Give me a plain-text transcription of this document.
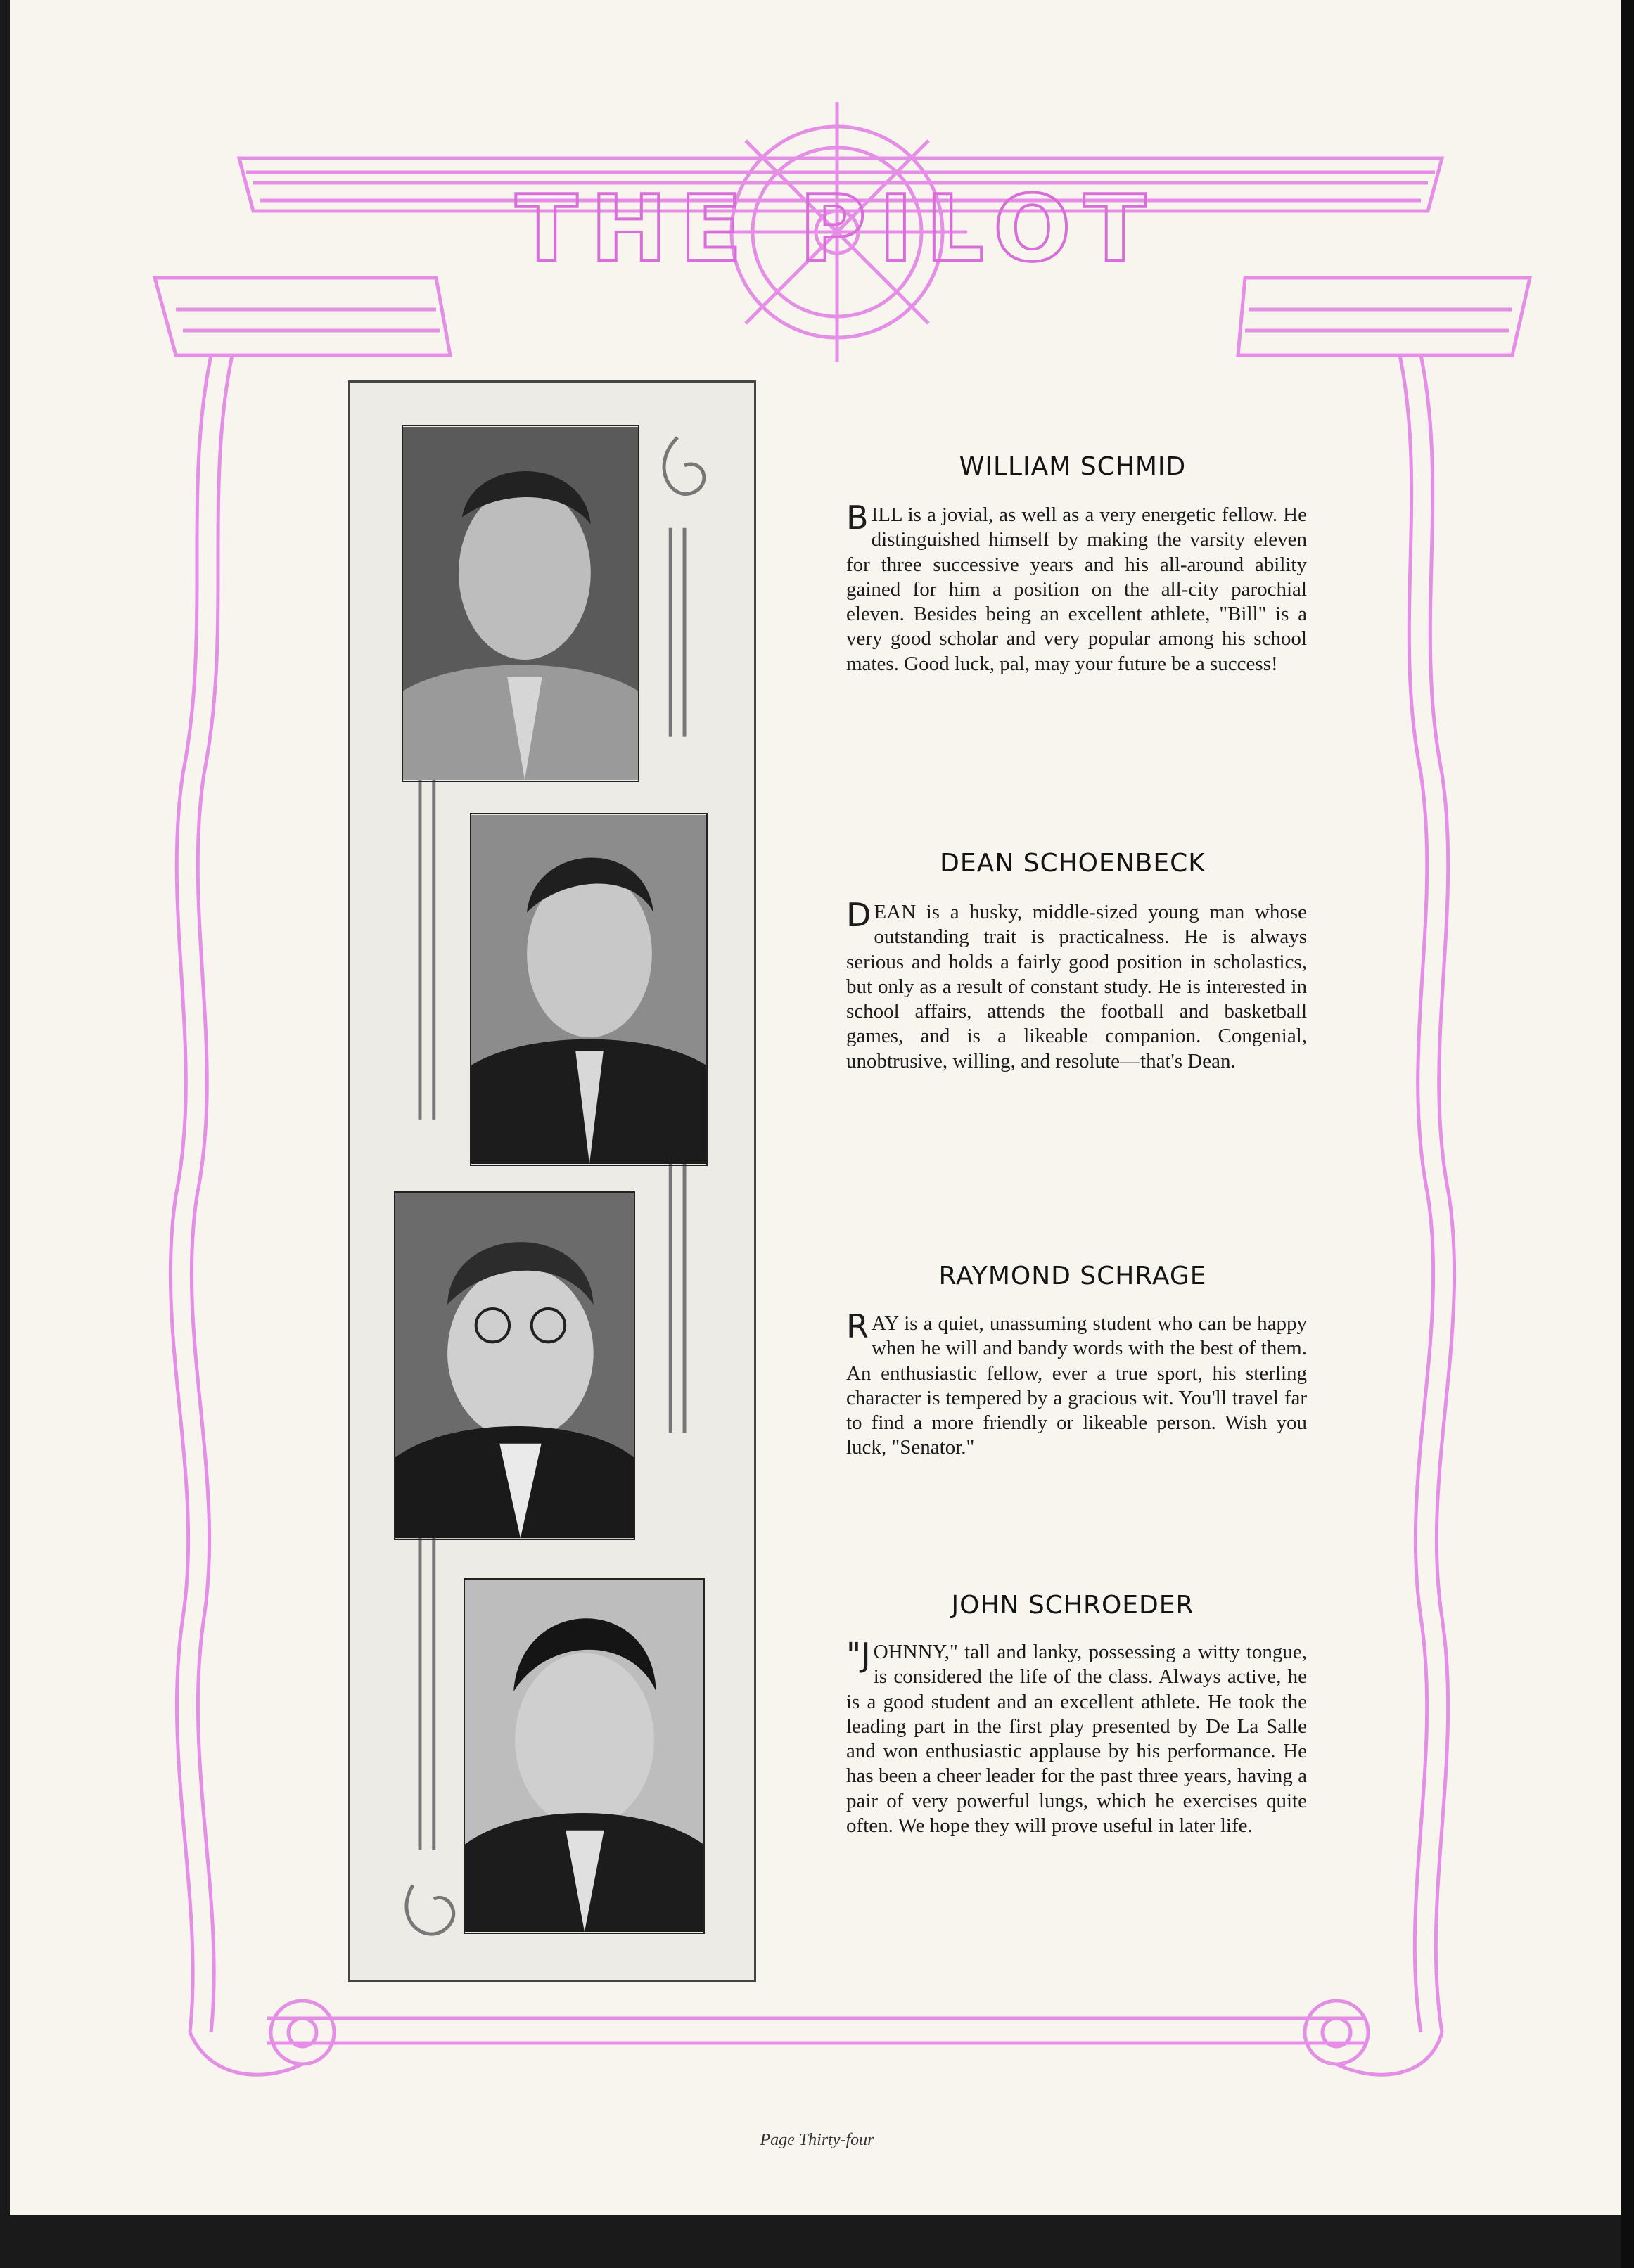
THE PILOT
WILLIAM SCHMID
BILL is a jovial, as well as a very energetic fellow. He distinguished himself by making the varsity eleven for three successive years and his all-around ability gained for him a position on the all-city parochial eleven. Besides being an excellent athlete, "Bill" is a very good scholar and very popular among his school mates. Good luck, pal, may your future be a success!
DEAN SCHOENBECK
DEAN is a husky, middle-sized young man whose outstanding trait is practicalness. He is always serious and holds a fairly good position in scholastics, but only as a result of constant study. He is interested in school affairs, attends the football and basketball games, and is a likeable companion. Congenial, unobtrusive, willing, and resolute—that's Dean.
RAYMOND SCHRAGE
RAY is a quiet, unassuming student who can be happy when he will and bandy words with the best of them. An enthusiastic fellow, ever a true sport, his sterling character is tempered by a gracious wit. You'll travel far to find a more friendly or likeable person. Wish you luck, "Senator."
JOHN SCHROEDER
"JOHNNY," tall and lanky, possessing a witty tongue, is considered the life of the class. Always active, he is a good student and an excellent athlete. He took the leading part in the first play presented by De La Salle and won enthusiastic applause by his performance. He has been a cheer leader for the past three years, having a pair of very powerful lungs, which he exercises quite often. We hope they will prove useful in later life.
Page Thirty-four
